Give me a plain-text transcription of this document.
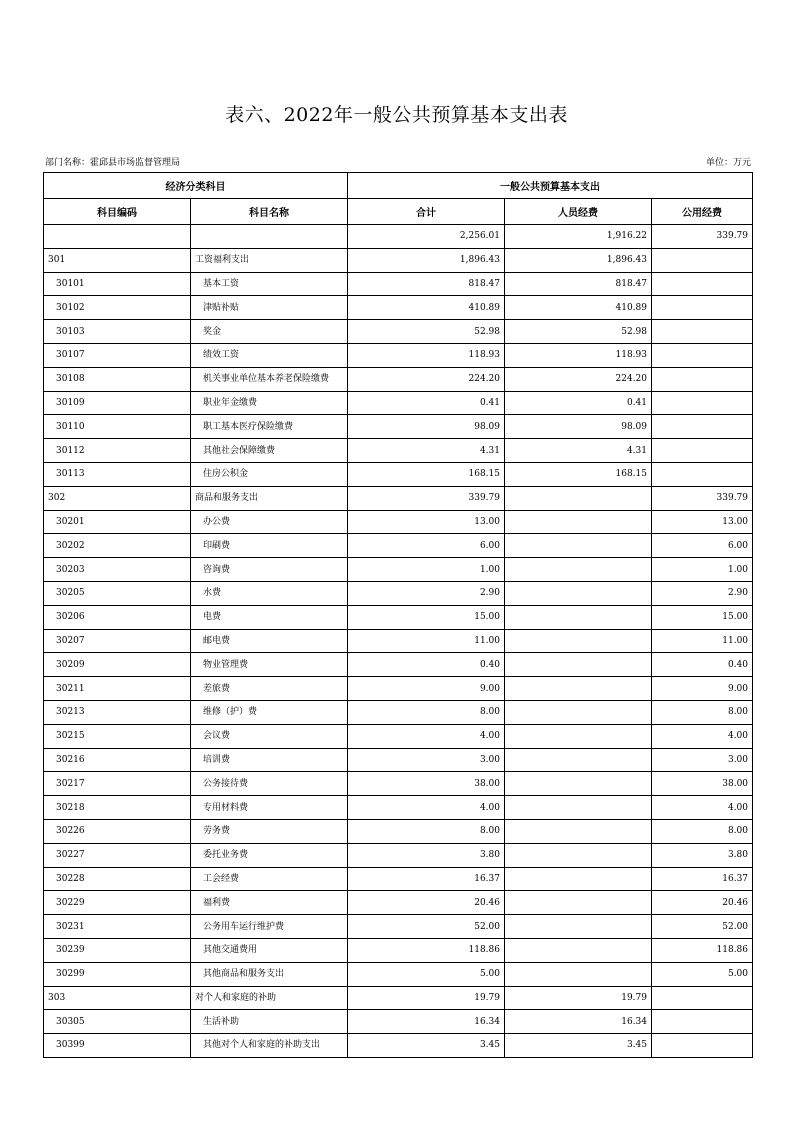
表六、2022年一般公共预算基本支出表
部门名称：霍邱县市场监督管理局	单位：万元
经济分类科目		一般公共预算基本支出		
科目编码	科目名称	合计	人员经费	公用经费
		2,256.01	1,916.22	339.79
301	工资福利支出	1,896.43	1,896.43	
30101	基本工资	818.47	818.47	
30102	津贴补贴	410.89	410.89	
30103	奖金	52.98	52.98	
30107	绩效工资	118.93	118.93	
30108	机关事业单位基本养老保险缴费	224.20	224.20	
30109	职业年金缴费	0.41	0.41	
30110	职工基本医疗保险缴费	98.09	98.09	
30112	其他社会保障缴费	4.31	4.31	
30113	住房公积金	168.15	168.15	
302	商品和服务支出	339.79		339.79
30201	办公费	13.00		13.00
30202	印刷费	6.00		6.00
30203	咨询费	1.00		1.00
30205	水费	2.90		2.90
30206	电费	15.00		15.00
30207	邮电费	11.00		11.00
30209	物业管理费	0.40		0.40
30211	差旅费	9.00		9.00
30213	维修（护）费	8.00		8.00
30215	会议费	4.00		4.00
30216	培训费	3.00		3.00
30217	公务接待费	38.00		38.00
30218	专用材料费	4.00		4.00
30226	劳务费	8.00		8.00
30227	委托业务费	3.80		3.80
30228	工会经费	16.37		16.37
30229	福利费	20.46		20.46
30231	公务用车运行维护费	52.00		52.00
30239	其他交通费用	118.86		118.86
30299	其他商品和服务支出	5.00		5.00
303	对个人和家庭的补助	19.79	19.79	
30305	生活补助	16.34	16.34	
30399	其他对个人和家庭的补助支出	3.45	3.45	
